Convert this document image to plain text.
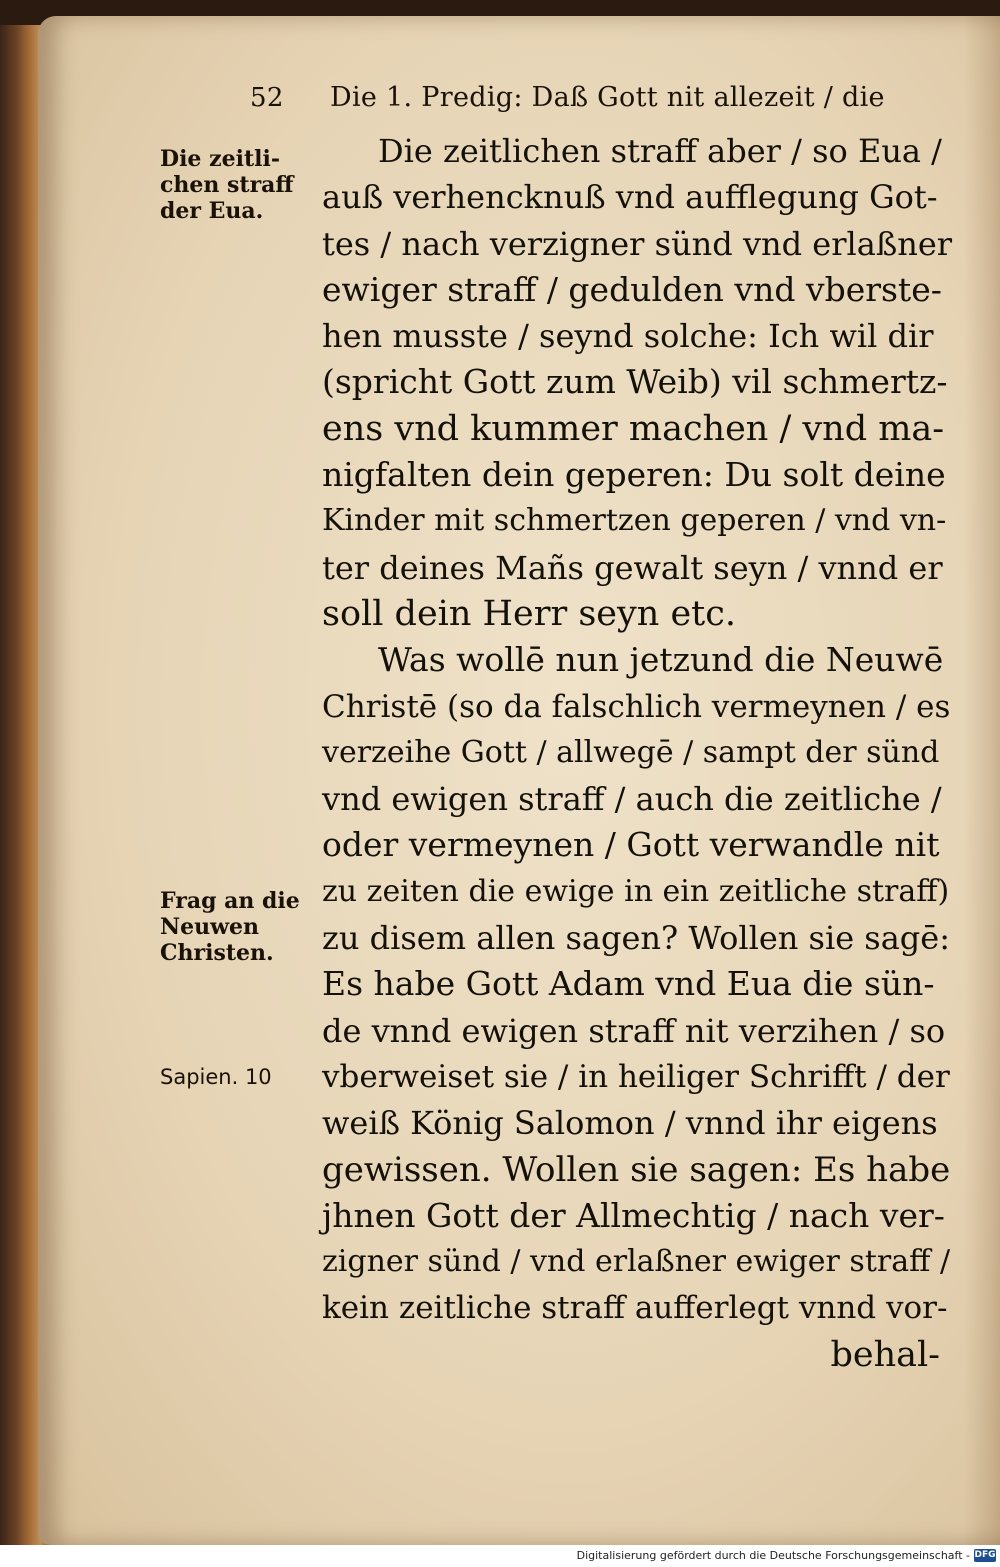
52	Die 1. Predig: Daß Gott nit allezeit / die
Die zeitli- chen straff der Eua.
Frag an die Neuwen Christen.
Sapien. 10
Die zeitlichen straff aber / so Eua /
auß verhencknuß vnd aufflegung Got-
tes / nach verzigner sünd vnd erlaßner
ewiger straff / gedulden vnd vberste-
hen musste / seynd solche: Ich wil dir
(spricht Gott zum Weib) vil schmertz-
ens vnd kummer machen / vnd ma-
nigfalten dein geperen: Du solt deine
Kinder mit schmertzen geperen / vnd vn-
ter deines Mañs gewalt seyn / vnnd er
soll dein Herr seyn etc.
Was wollē nun jetzund die Neuwē
Christē (so da falschlich vermeynen / es
verzeihe Gott / allwegē / sampt der sünd
vnd ewigen straff / auch die zeitliche /
oder vermeynen / Gott verwandle nit
zu zeiten die ewige in ein zeitliche straff)
zu disem allen sagen? Wollen sie sagē:
Es habe Gott Adam vnd Eua die sün-
de vnnd ewigen straff nit verzihen / so
vberweiset sie / in heiliger Schrifft / der
weiß König Salomon / vnnd ihr eigens
gewissen. Wollen sie sagen: Es habe
jhnen Gott der Allmechtig / nach ver-
zigner sünd / vnd erlaßner ewiger straff /
kein zeitliche straff aufferlegt vnnd vor-
behal-
Digitalisierung gefördert durch die Deutsche Forschungsgemeinschaft - DFG
